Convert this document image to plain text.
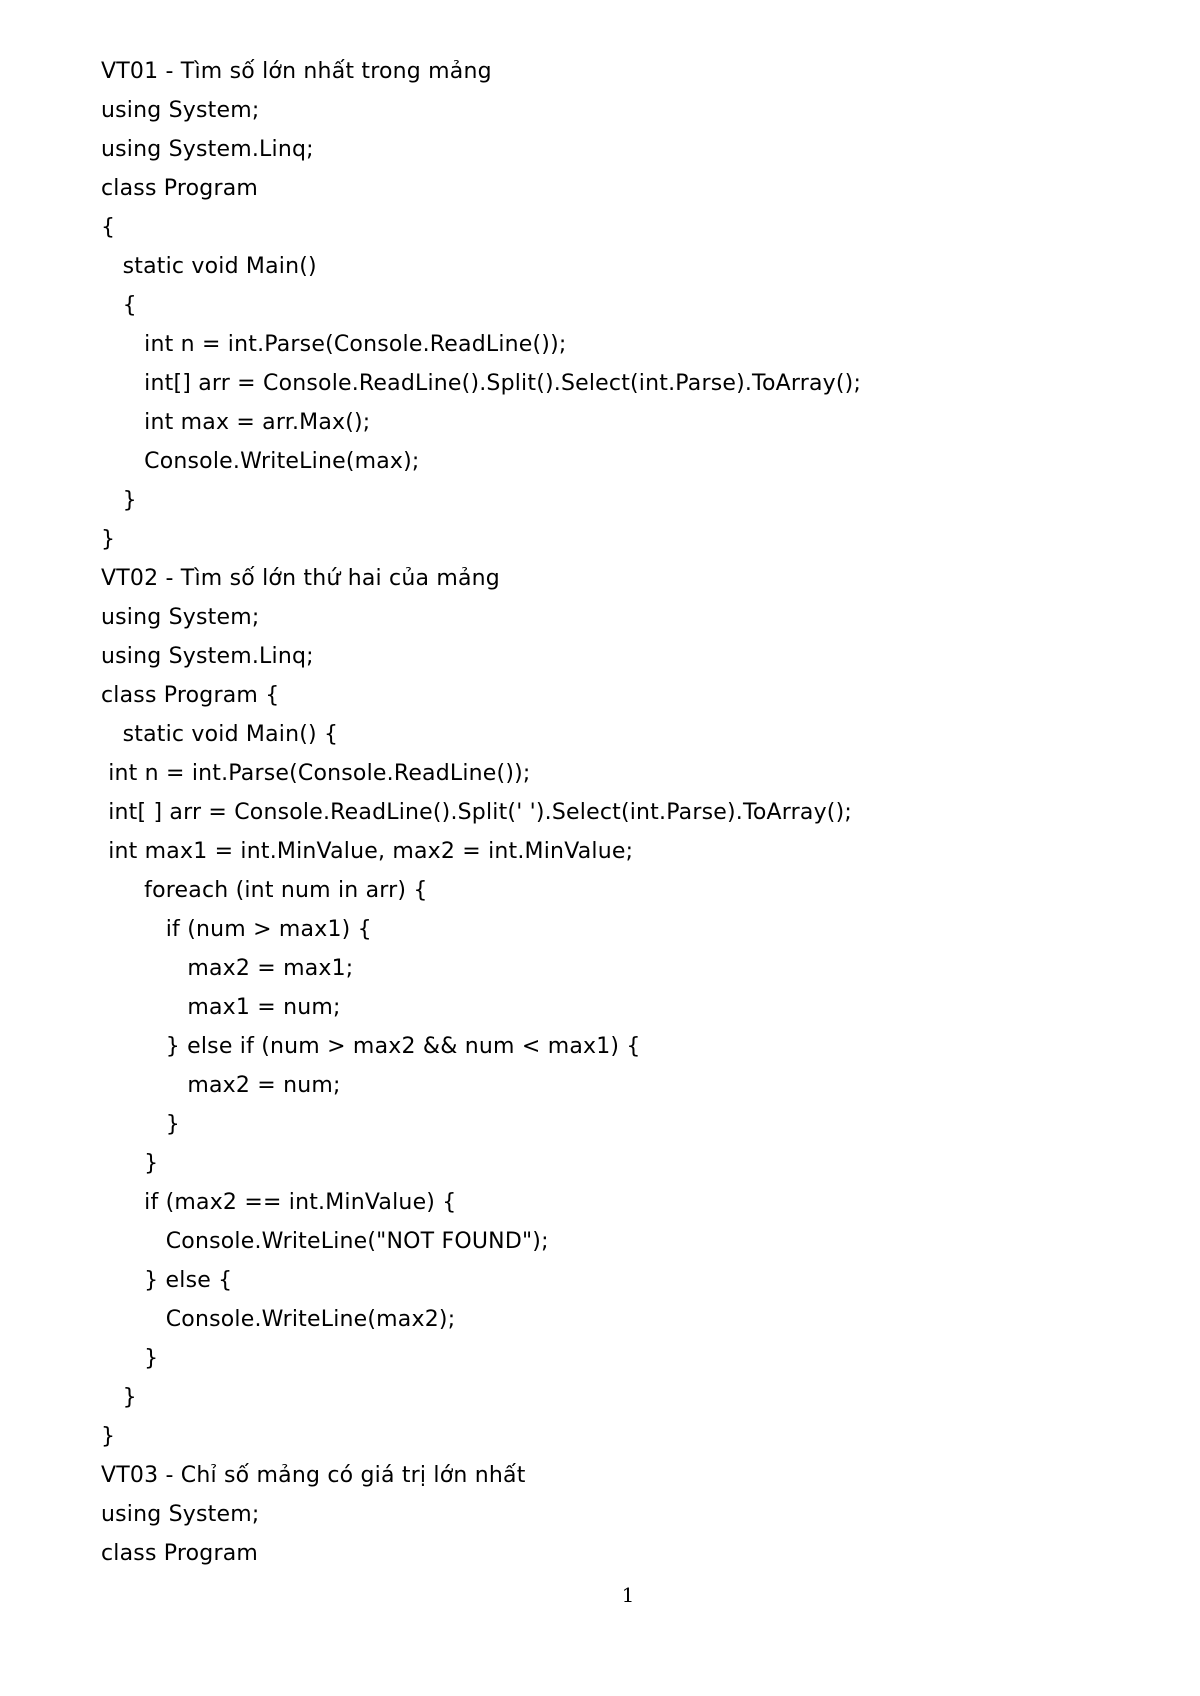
VT01 - Tìm số lớn nhất trong mảng
using System;
using System.Linq;
class Program
{
static void Main()
{
int n = int.Parse(Console.ReadLine());
int[] arr = Console.ReadLine().Split().Select(int.Parse).ToArray();
int max = arr.Max();
Console.WriteLine(max);
}
}
VT02 - Tìm số lớn thứ hai của mảng
using System;
using System.Linq;
class Program {
static void Main() {
int n = int.Parse(Console.ReadLine());
int[ ] arr = Console.ReadLine().Split(' ').Select(int.Parse).ToArray();
int max1 = int.MinValue, max2 = int.MinValue;
foreach (int num in arr) {
if (num > max1) {
max2 = max1;
max1 = num;
} else if (num > max2 && num < max1) {
max2 = num;
}
}
if (max2 == int.MinValue) {
Console.WriteLine("NOT FOUND");
} else {
Console.WriteLine(max2);
}
}
}
VT03 - Chỉ số mảng có giá trị lớn nhất
using System;
class Program
1
